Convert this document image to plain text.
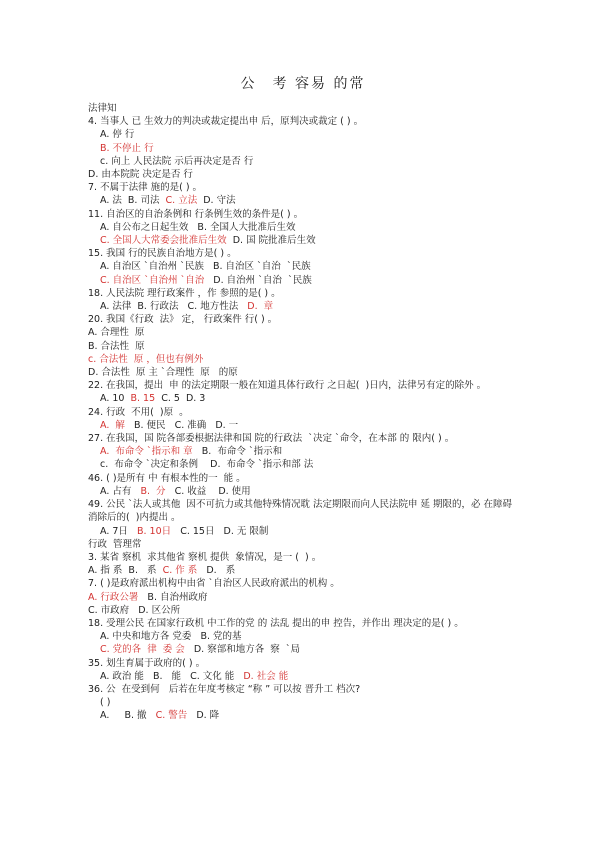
公　考 容易 的常
法律知
4. 当事人 已 生效力的判决或裁定提出申 后，原判决或裁定 ( ) 。
A. 停 行
B. 不停止 行
c. 向上 人民法院 示后再决定是否 行
D. 由本院院 决定是否 行
7. 不属于法律 施的是( ) 。
A. 法  B. 司法  C. 立法  D. 守法
11. 自治区的自治条例和 行条例生效的条件是( ) 。
A. 自公布之日起生效   B. 全国人大批准后生效
C. 全国人大常委会批准后生效  D. 国 院批准后生效
15. 我国 行的民族自治地方是( ) 。
A. 自治区 `自治州 `民族   B. 自治区 `自治  `民族
C. 自治区 `自治州 `自治   D. 自治州 `自治  `民族
18. 人民法院 理行政案件 ，作 参照的是( ) 。
A. 法律  B. 行政法   C. 地方性法   D.  章
20. 我国《行政  法》 定， 行政案件 行( ) 。
A. 合理性  原
B. 合法性  原
c. 合法性  原 ，但也有例外
D. 合法性  原 主 `合理性  原   的原
22. 在我国，提出  申 的法定期限一般在知道具体行政行 之日起(  )日内，法律另有定的除外 。
A. 10  B. 15  C. 5  D. 3
24. 行政  不用(  )原  。
A.  解   B. 便民   C. 准确   D. 一
27. 在我国，国 院各部委根据法律和国 院的行政法  `决定 `命令，在本部 的 限内( ) 。
A.  布命令 `指示和 章   B.  布命令 `指示和
c.  布命令 `决定和条例    D.  布命令 `指示和部 法
46. ( )是所有 中 有根本性的一  能 。
A. 占有   B.  分   C. 收益    D. 使用
49. 公民 `法人或其他  因不可抗力或其他特殊情况耽 法定期限而向人民法院申 延 期限的，必 在障碍消除后的(  )内提出 。
A. 7日   B. 10日   C. 15日   D. 无 限制
行政  管理常
3. 某省 察机  求其他省 察机 提供  象情况，是一 (  ) 。
A. 指 系  B.   系  C. 作 系   D.   系
7. ( )是政府派出机构中由省 `自治区人民政府派出的机构 。
A. 行政公署   B. 自治州政府
C. 市政府   D. 区公所
18. 受理公民 在国家行政机 中工作的党 的 法乱 提出的申 控告，并作出 理决定的是( ) 。
A. 中央和地方各 党委   B. 党的基
C. 党的各  律  委 会   D. 察部和地方各  察  `局
35. 划生育属于政府的( ) 。
A. 政治 能   B.   能   C. 文化 能   D. 社会 能
36. 公  在受到何   后若在年度考核定 “称 ” 可以按 晋升工 档次?
( )
A.     B. 撤   C. 警告   D. 降
